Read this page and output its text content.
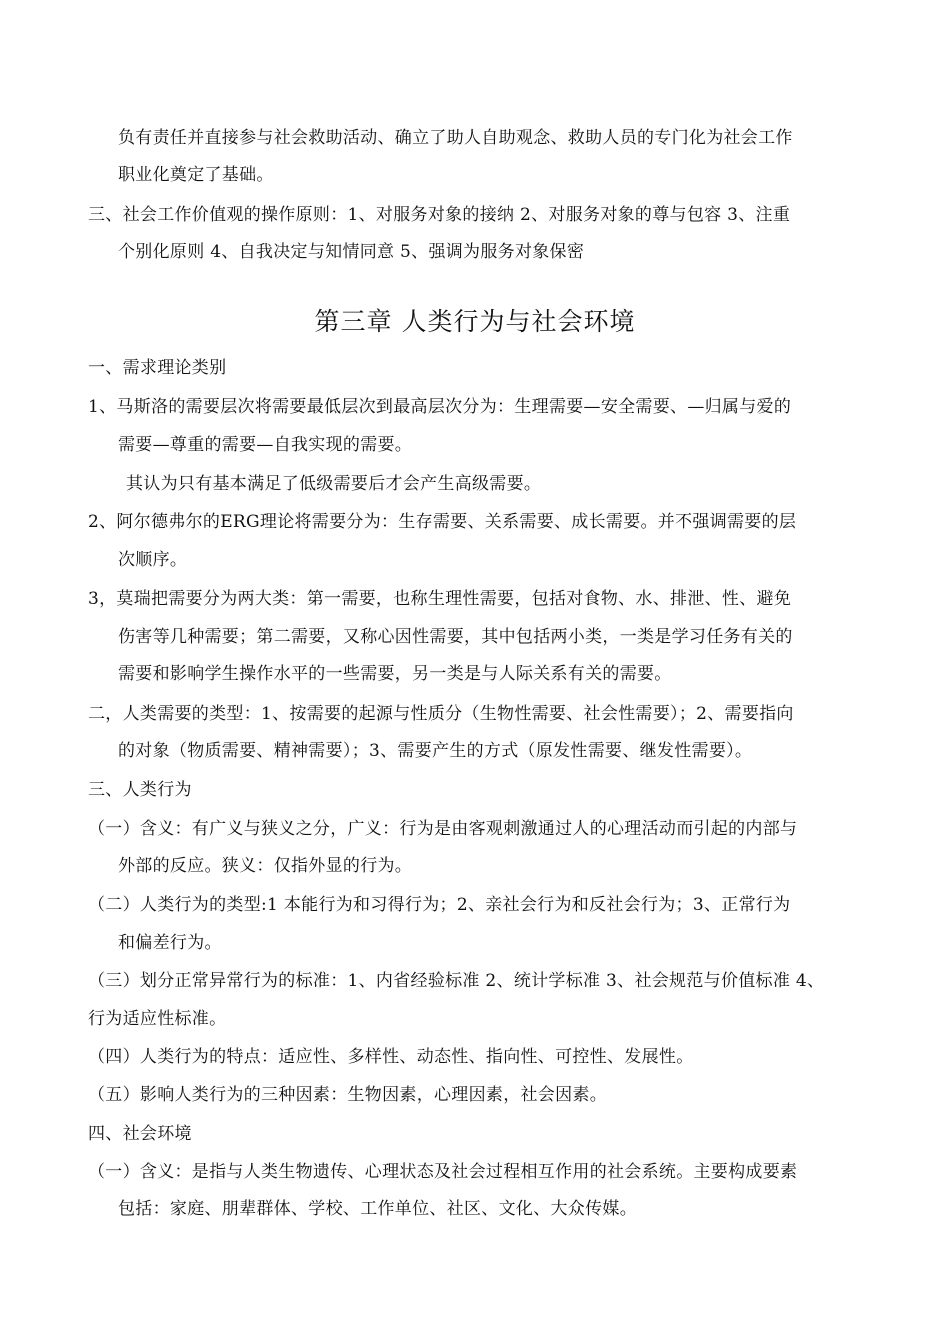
负有责任并直接参与社会救助活动、确立了助人自助观念、救助人员的专门化为社会工作
职业化奠定了基础。
三、社会工作价值观的操作原则：1、对服务对象的接纳 2、对服务对象的尊与包容 3、注重
个别化原则 4、自我决定与知情同意 5、强调为服务对象保密
第三章 人类行为与社会环境
一、需求理论类别
1、马斯洛的需要层次将需要最低层次到最高层次分为：生理需要—安全需要、—归属与爱的
需要—尊重的需要—自我实现的需要。
其认为只有基本满足了低级需要后才会产生高级需要。
2、阿尔德弗尔的ERG理论将需要分为：生存需要、关系需要、成长需要。并不强调需要的层
次顺序。
3，莫瑞把需要分为两大类：第一需要，也称生理性需要，包括对食物、水、排泄、性、避免
伤害等几种需要；第二需要，又称心因性需要，其中包括两小类，一类是学习任务有关的
需要和影响学生操作水平的一些需要，另一类是与人际关系有关的需要。
二，人类需要的类型：1、按需要的起源与性质分（生物性需要、社会性需要）；2、需要指向
的对象（物质需要、精神需要）；3、需要产生的方式（原发性需要、继发性需要）。
三、人类行为
（一）含义：有广义与狭义之分，广义：行为是由客观刺激通过人的心理活动而引起的内部与
外部的反应。狭义：仅指外显的行为。
（二）人类行为的类型:1 本能行为和习得行为；2、亲社会行为和反社会行为；3、正常行为
和偏差行为。
（三）划分正常异常行为的标准：1、内省经验标准 2、统计学标准 3、社会规范与价值标准 4、
行为适应性标准。
（四）人类行为的特点：适应性、多样性、动态性、指向性、可控性、发展性。
（五）影响人类行为的三种因素：生物因素，心理因素，社会因素。
四、社会环境
（一）含义：是指与人类生物遗传、心理状态及社会过程相互作用的社会系统。主要构成要素
包括：家庭、朋辈群体、学校、工作单位、社区、文化、大众传媒。
